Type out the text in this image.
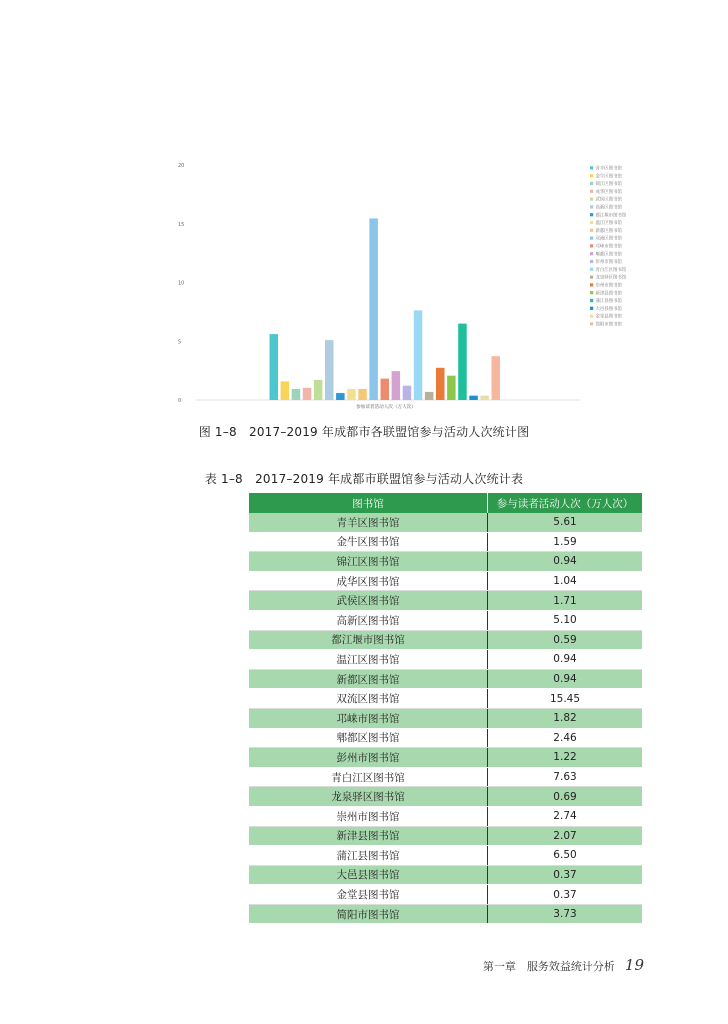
0
5
10
15
20
参加读者活动人次（万人次）
青羊区图书馆
金牛区图书馆
锦江区图书馆
成华区图书馆
武侯区图书馆
高新区图书馆
都江堰市图书馆
温江区图书馆
新都区图书馆
双流区图书馆
邛崃市图书馆
郫都区图书馆
彭州市图书馆
青白江区图书馆
龙泉驿区图书馆
崇州市图书馆
新津县图书馆
蒲江县图书馆
大邑县图书馆
金堂县图书馆
简阳市图书馆
图 1–8　2017–2019 年成都市各联盟馆参与活动人次统计图
表 1–8　2017–2019 年成都市联盟馆参与活动人次统计表
图书馆	参与读者活动人次（万人次）
青羊区图书馆	5.61
金牛区图书馆	1.59
锦江区图书馆	0.94
成华区图书馆	1.04
武侯区图书馆	1.71
高新区图书馆	5.10
都江堰市图书馆	0.59
温江区图书馆	0.94
新都区图书馆	0.94
双流区图书馆	15.45
邛崃市图书馆	1.82
郫都区图书馆	2.46
彭州市图书馆	1.22
青白江区图书馆	7.63
龙泉驿区图书馆	0.69
崇州市图书馆	2.74
新津县图书馆	2.07
蒲江县图书馆	6.50
大邑县图书馆	0.37
金堂县图书馆	0.37
简阳市图书馆	3.73
第一章　服务效益统计分析 19
